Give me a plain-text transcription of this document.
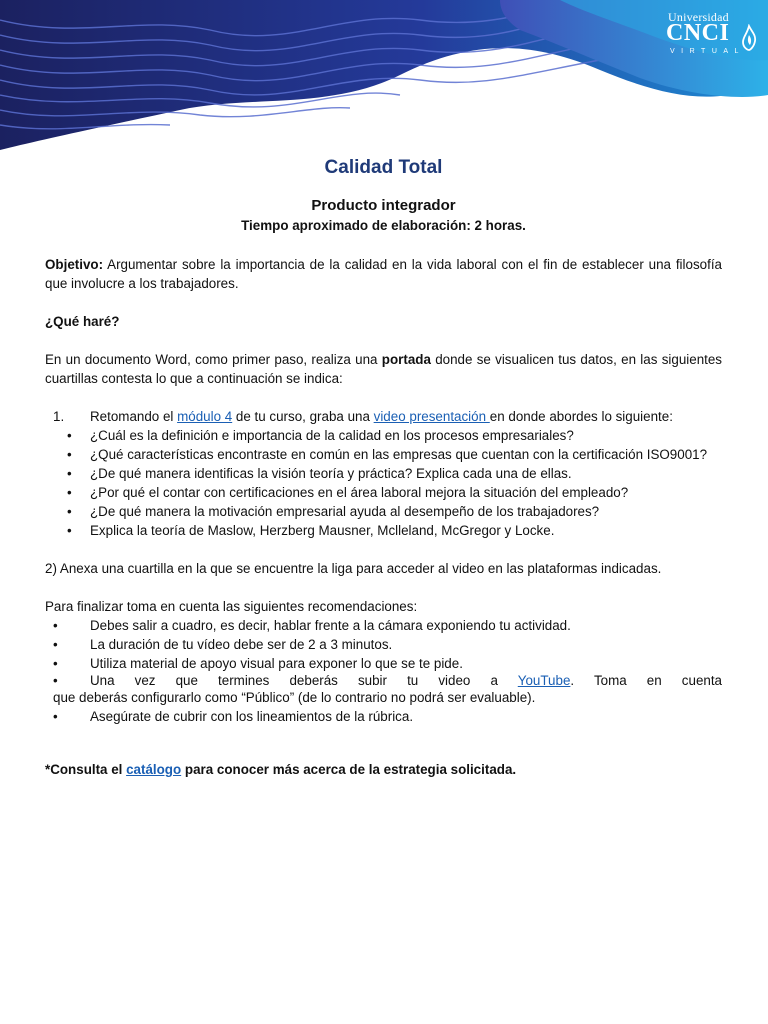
Universidad
CNCI
VIRTUAL
Calidad Total
Producto integrador
Tiempo aproximado de elaboración: 2 horas.

Objetivo: Argumentar sobre la importancia de la calidad en la vida laboral con el fin de establecer una filosofía que involucre a los trabajadores.

¿Qué haré?

En un documento Word, como primer paso, realiza una portada donde se visualicen tus datos, en las siguientes cuartillas contesta lo que a continuación se indica:

1.	Retomando el módulo 4 de tu curso, graba una video presentación en donde abordes lo siguiente:
•	¿Cuál es la definición e importancia de la calidad en los procesos empresariales?
•	¿Qué características encontraste en común en las empresas que cuentan con la certificación ISO9001?
•	¿De qué manera identificas la visión teoría y práctica? Explica cada una de ellas.
•	¿Por qué el contar con certificaciones en el área laboral mejora la situación del empleado?
•	¿De qué manera la motivación empresarial ayuda al desempeño de los trabajadores?
•	Explica la teoría de Maslow, Herzberg Mausner, Mclleland, McGregor y Locke.

2) Anexa una cuartilla en la que se encuentre la liga para acceder al video en las plataformas indicadas.

Para finalizar toma en cuenta las siguientes recomendaciones:

•	Debes salir a cuadro, es decir, hablar frente a la cámara exponiendo tu actividad.
•	La duración de tu vídeo debe ser de 2 a 3 minutos.
•	Utiliza material de apoyo visual para exponer lo que se te pide.
•	Una vez que termines deberás subir tu video a YouTube. Toma en cuenta

que deberás configurarlo como “Público” (de lo contrario no podrá ser evaluable).

•	Asegúrate de cubrir con los lineamientos de la rúbrica.

*Consulta el catálogo para conocer más acerca de la estrategia solicitada.
